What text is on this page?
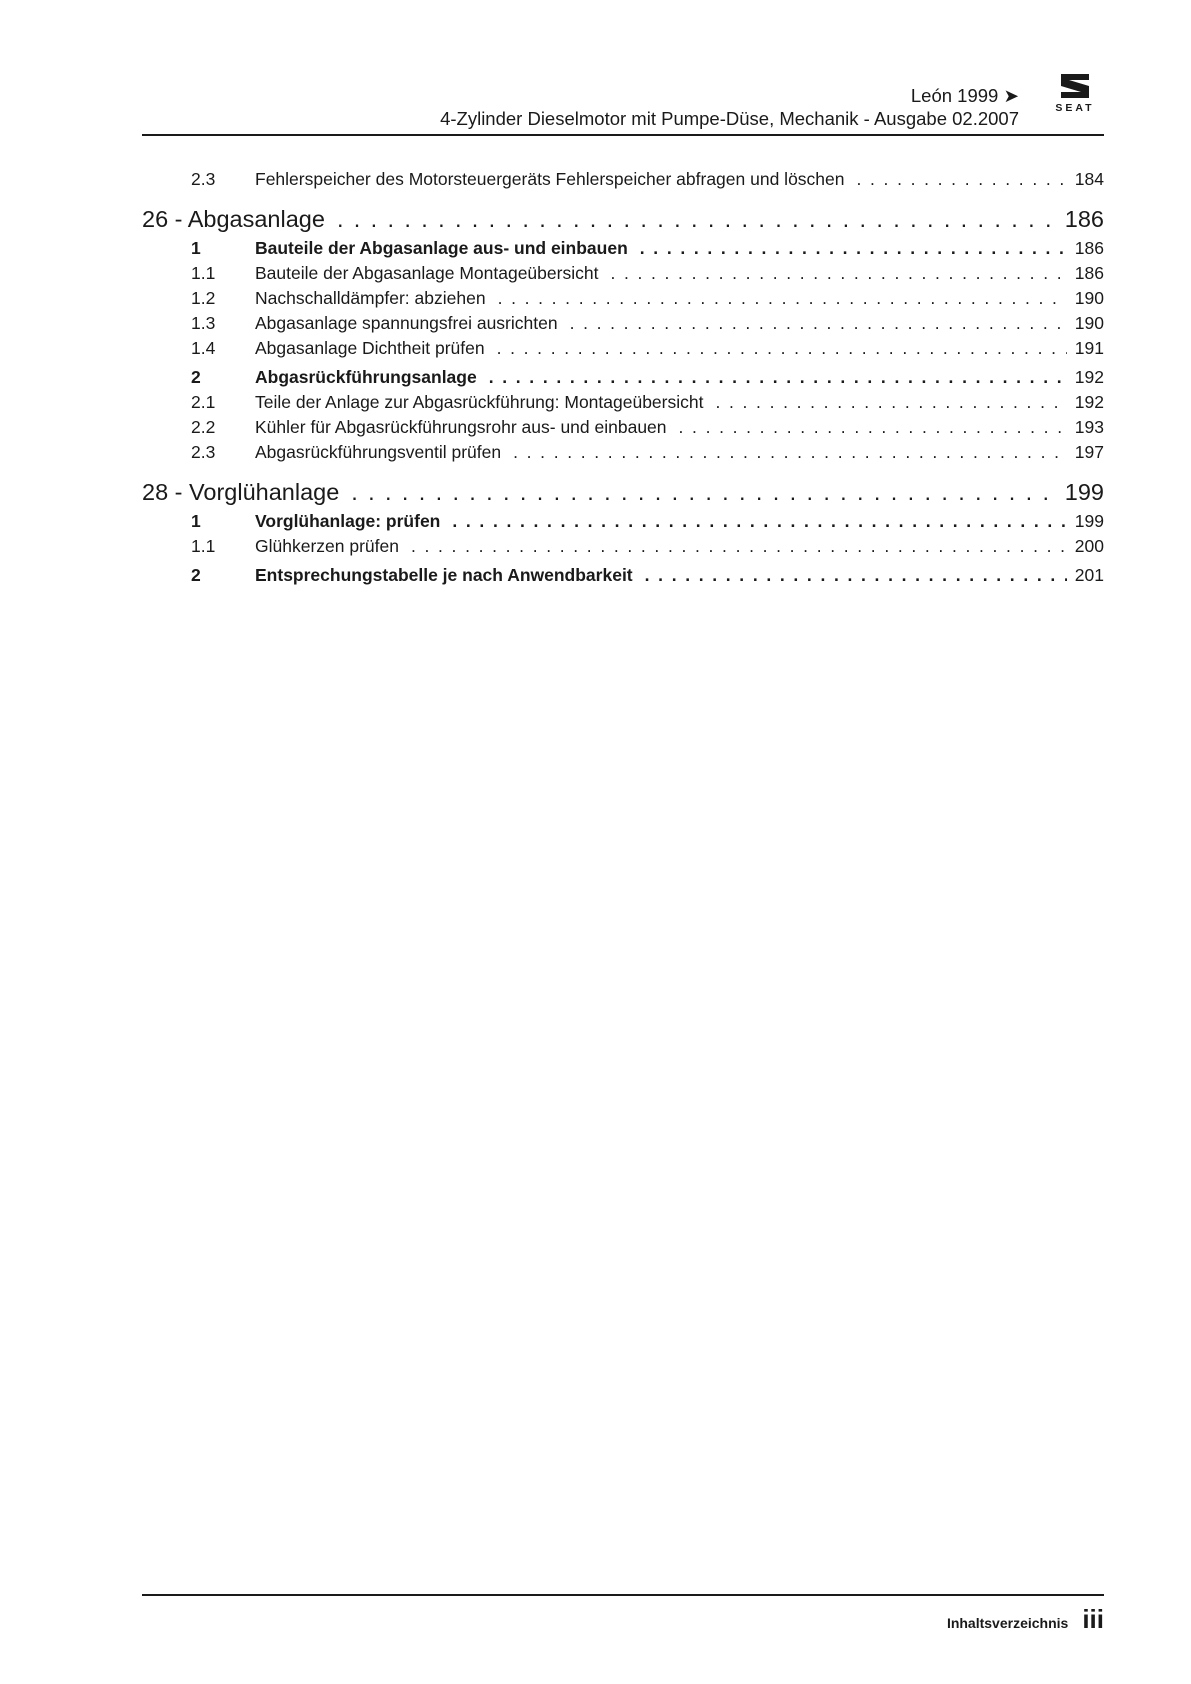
León 1999 ➤
4-Zylinder Dieselmotor mit Pumpe-Düse, Mechanik - Ausgabe 02.2007	SEAT
2.3	Fehlerspeicher des Motorsteuergeräts Fehlerspeicher abfragen und löschen . . .	184
26 - Abgasanlage . . .	186
1	Bauteile der Abgasanlage aus- und einbauen . . .	186
1.1	Bauteile der Abgasanlage Montageübersicht . . .	186
1.2	Nachschalldämpfer: abziehen . . .	190
1.3	Abgasanlage spannungsfrei ausrichten . . .	190
1.4	Abgasanlage Dichtheit prüfen . . .	191
2	Abgasrückführungsanlage . . .	192
2.1	Teile der Anlage zur Abgasrückführung: Montageübersicht . . .	192
2.2	Kühler für Abgasrückführungsrohr aus- und einbauen . . .	193
2.3	Abgasrückführungsventil prüfen . . .	197
28 - Vorglühanlage . . .	199
1	Vorglühanlage: prüfen . . .	199
1.1	Glühkerzen prüfen . . .	200
2	Entsprechungstabelle je nach Anwendbarkeit . . .	201
Inhaltsverzeichnis iii
